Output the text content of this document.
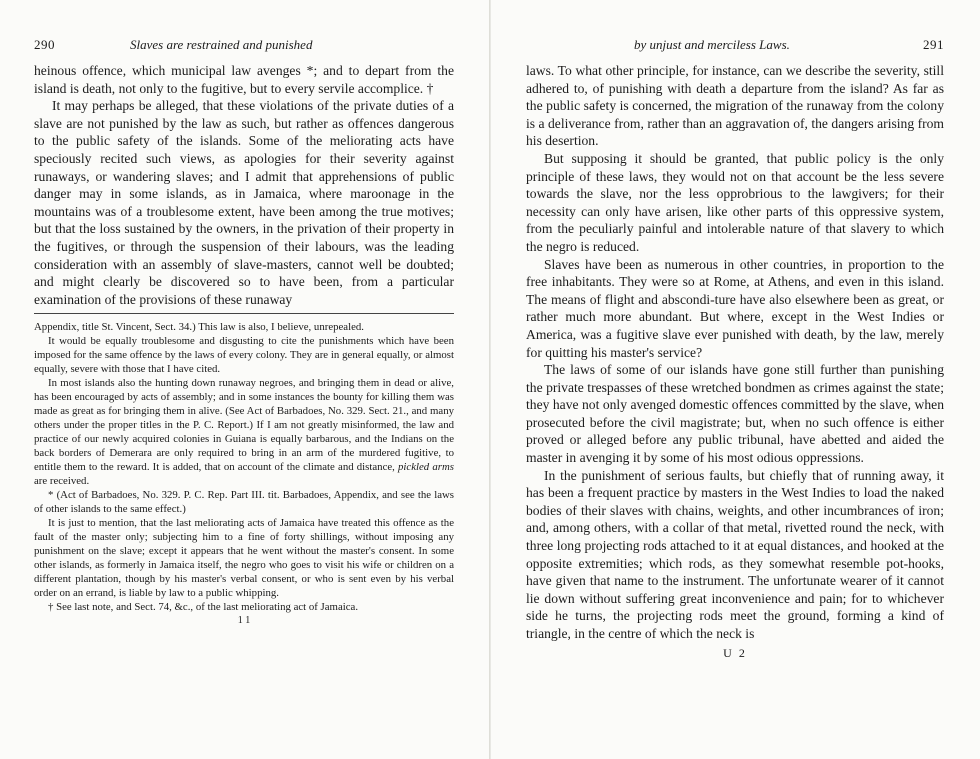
290	Slaves are restrained and punished

heinous offence, which municipal law avenges *; and to depart from the island is death, not only to the fugitive, but to every servile accomplice. †

It may perhaps be alleged, that these violations of the private duties of a slave are not punished by the law as such, but rather as offences dangerous to the public safety of the islands. Some of the meliorating acts have speciously recited such views, as apologies for their severity against runaways, or wandering slaves; and I admit that apprehensions of public danger may in some islands, as in Jamaica, where maroonage in the mountains was of a troublesome extent, have been among the true motives; but that the loss sustained by the owners, in the privation of their property in the fugitives, or through the suspension of their labours, was the leading consideration with an assembly of slave-masters, cannot well be doubted; and might clearly be discovered so to have been, from a particular examination of the provisions of these runaway

Appendix, title St. Vincent, Sect. 34.) This law is also, I believe, unrepealed.

It would be equally troublesome and disgusting to cite the punishments which have been imposed for the same offence by the laws of every colony. They are in general equally, or almost equally, severe with those that I have cited.

In most islands also the hunting down runaway negroes, and bringing them in dead or alive, has been encouraged by acts of assembly; and in some instances the bounty for killing them was made as great as for bringing them in alive. (See Act of Barbadoes, No. 329. Sect. 21., and many others under the proper titles in the P. C. Report.) If I am not greatly misinformed, the law and practice of our newly acquired colonies in Guiana is equally barbarous, and the Indians on the back borders of Demerara are only required to bring in an arm of the murdered fugitive, to entitle them to the reward. It is added, that on account of the climate and distance, pickled arms are received.

* (Act of Barbadoes, No. 329. P. C. Rep. Part III. tit. Barbadoes, Appendix, and see the laws of other islands to the same effect.)

It is just to mention, that the last meliorating acts of Jamaica have treated this offence as the fault of the master only; subjecting him to a fine of forty shillings, without imposing any punishment on the slave; except it appears that he went without the master's consent. In some other islands, as formerly in Jamaica itself, the negro who goes to visit his wife or children on a different plantation, though by his master's verbal consent, or who is sent even by his verbal order on an errand, is liable by law to a public whipping.

† See last note, and Sect. 74, &c., of the last meliorating act of Jamaica.

1 1
by unjust and merciless Laws.	291

laws. To what other principle, for instance, can we describe the severity, still adhered to, of punishing with death a departure from the island? As far as the public safety is concerned, the migration of the runaway from the colony is a deliverance from, rather than an aggravation of, the dangers arising from his desertion.

But supposing it should be granted, that public policy is the only principle of these laws, they would not on that account be the less severe towards the slave, nor the less opprobrious to the lawgivers; for their necessity can only have arisen, like other parts of this oppressive system, from the peculiarly painful and intolerable nature of that slavery to which the negro is reduced.

Slaves have been as numerous in other countries, in proportion to the free inhabitants. They were so at Rome, at Athens, and even in this island. The means of flight and abscondi-ture have also elsewhere been as great, or rather much more abundant. But where, except in the West Indies or America, was a fugitive slave ever punished with death, by the law, merely for quitting his master's service?

The laws of some of our islands have gone still further than punishing the private trespasses of these wretched bondmen as crimes against the state; they have not only avenged domestic offences committed by the slave, when prosecuted before the civil magistrate; but, when no such offence is either proved or alleged before any public tribunal, have abetted and aided the master in avenging it by some of his most odious oppressions.

In the punishment of serious faults, but chiefly that of running away, it has been a frequent practice by masters in the West Indies to load the naked bodies of their slaves with chains, weights, and other incumbrances of iron; and, among others, with a collar of that metal, rivetted round the neck, with three long projecting rods attached to it at equal distances, and hooked at the opposite extremities; which rods, as they somewhat resemble pot-hooks, have given that name to the instrument. The unfortunate wearer of it cannot lie down without suffering great inconvenience and pain; for to whichever side he turns, the projecting rods meet the ground, forming a kind of triangle, in the centre of which the neck is

U 2
